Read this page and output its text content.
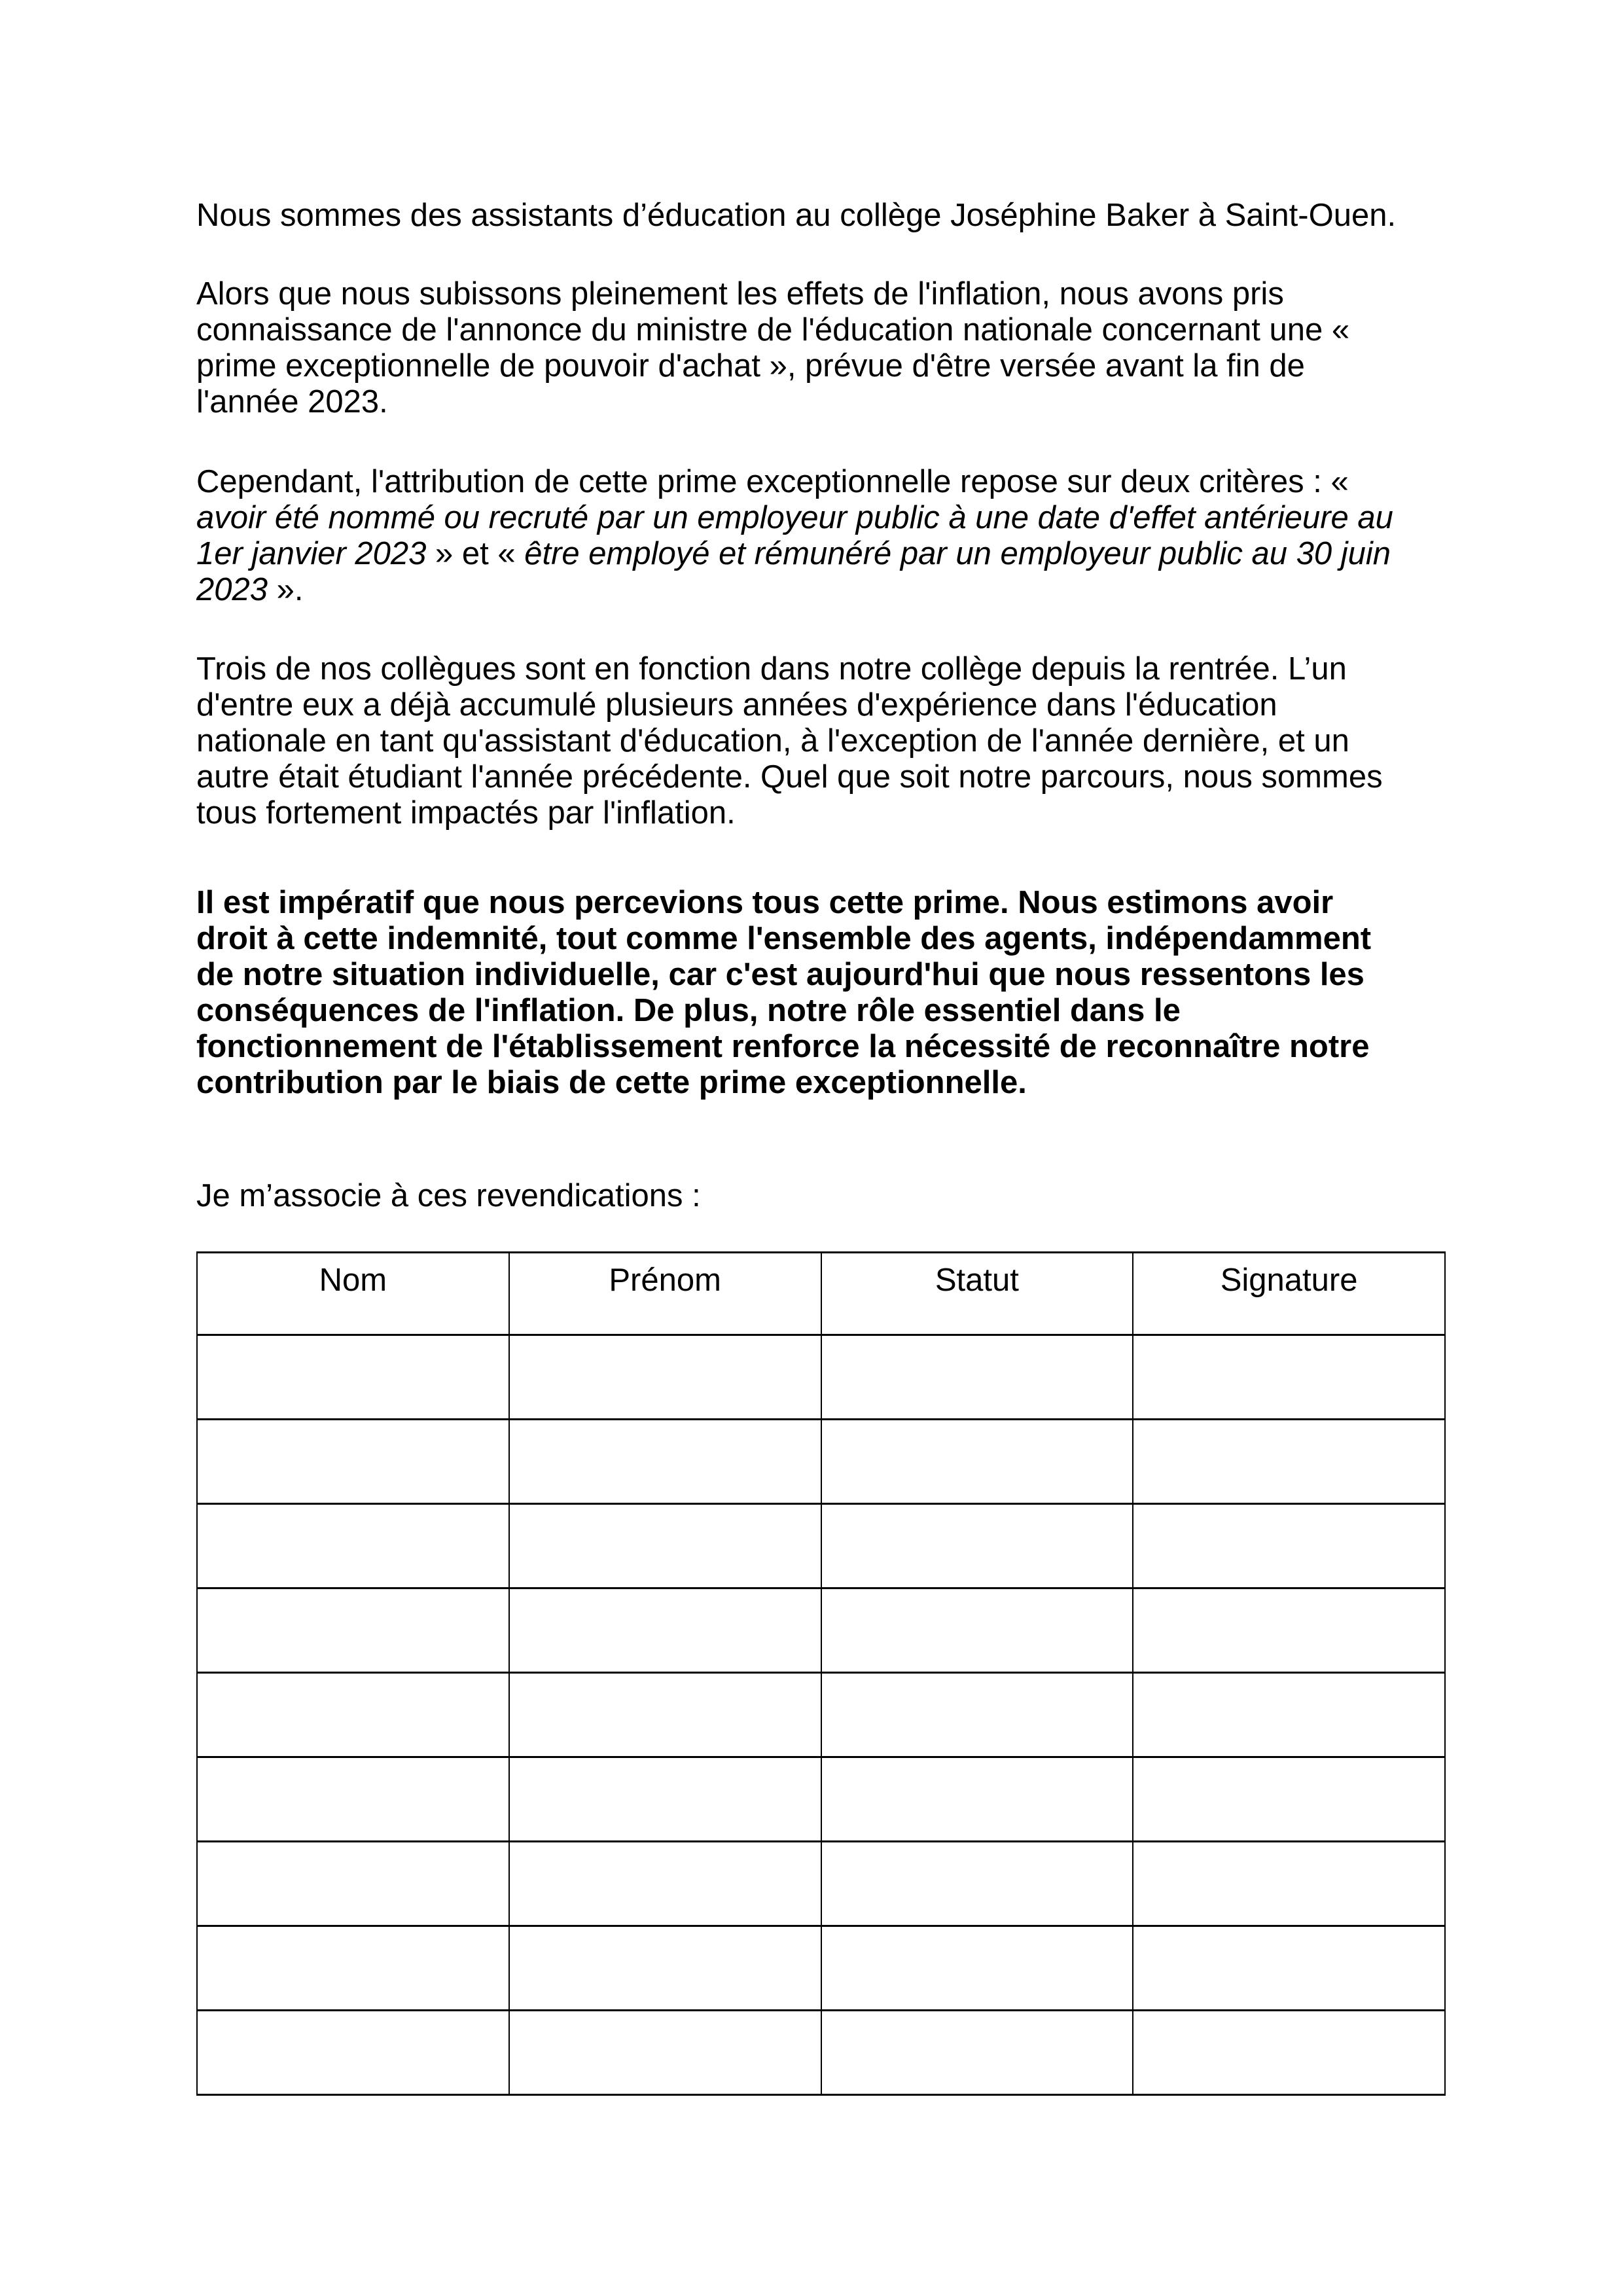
Nous sommes des assistants d’éducation au collège Joséphine Baker à Saint-Ouen.

Alors que nous subissons pleinement les effets de l'inflation, nous avons pris
connaissance de l'annonce du ministre de l'éducation nationale concernant une «
prime exceptionnelle de pouvoir d'achat », prévue d'être versée avant la fin de
l'année 2023.

Cependant, l'attribution de cette prime exceptionnelle repose sur deux critères : «
avoir été nommé ou recruté par un employeur public à une date d'effet antérieure au
1er janvier 2023 » et « être employé et rémunéré par un employeur public au 30 juin
2023 ».

Trois de nos collègues sont en fonction dans notre collège depuis la rentrée. L’un
d'entre eux a déjà accumulé plusieurs années d'expérience dans l'éducation
nationale en tant qu'assistant d'éducation, à l'exception de l'année dernière, et un
autre était étudiant l'année précédente. Quel que soit notre parcours, nous sommes
tous fortement impactés par l'inflation.

Il est impératif que nous percevions tous cette prime. Nous estimons avoir
droit à cette indemnité, tout comme l'ensemble des agents, indépendamment
de notre situation individuelle, car c'est aujourd'hui que nous ressentons les
conséquences de l'inflation. De plus, notre rôle essentiel dans le
fonctionnement de l'établissement renforce la nécessité de reconnaître notre
contribution par le biais de cette prime exceptionnelle.

Je m’associe à ces revendications :

Nom	Prénom	Statut	Signature
